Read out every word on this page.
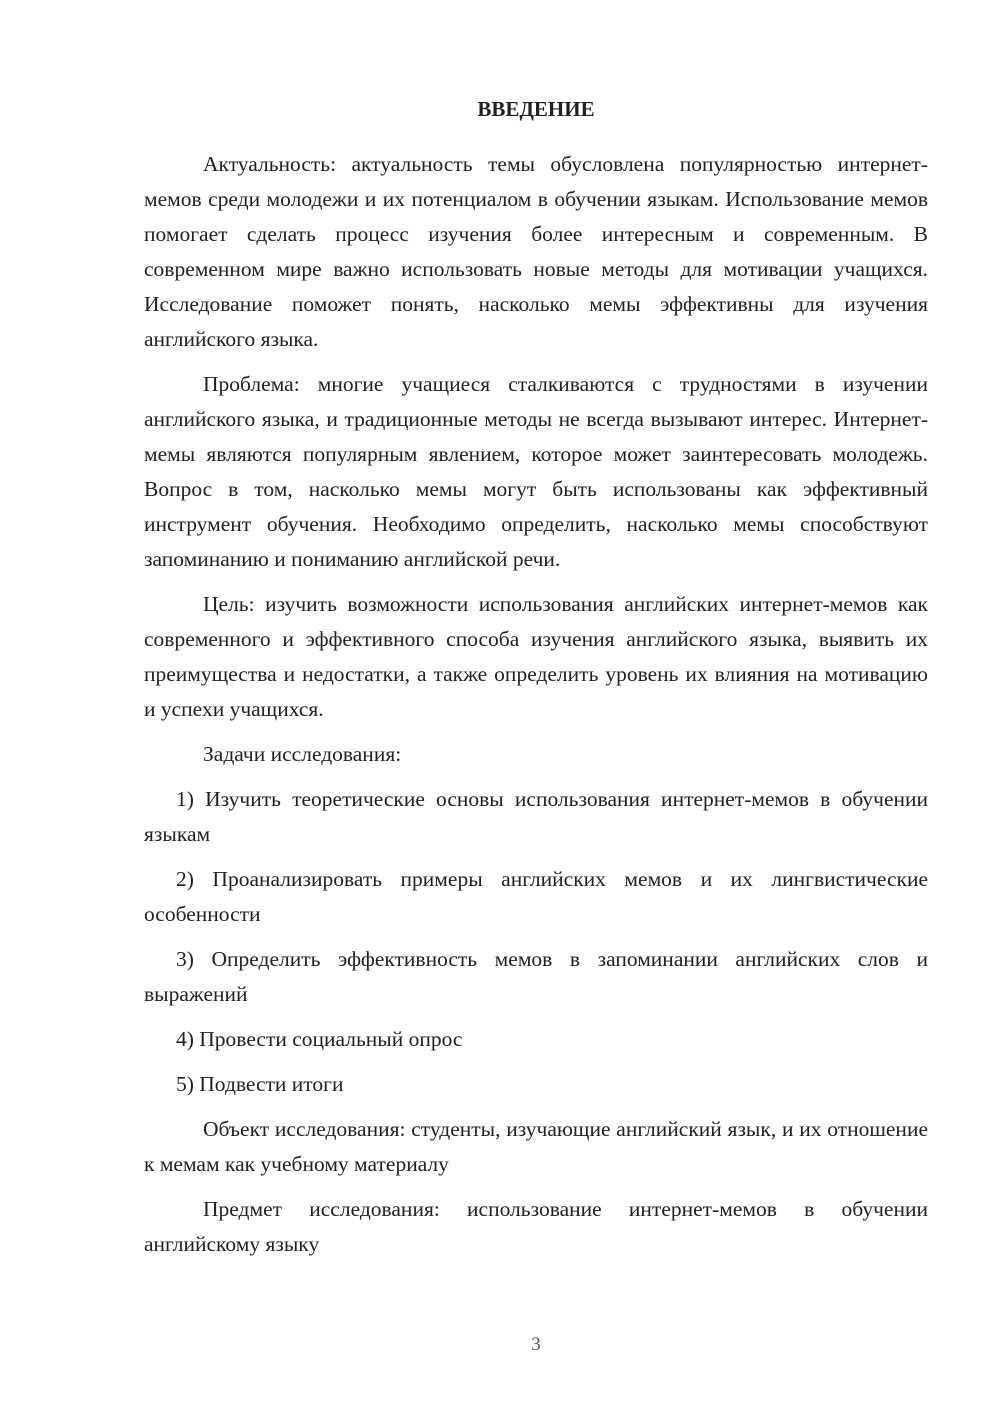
ВВЕДЕНИЕ

Актуальность: актуальность темы обусловлена популярностью интернет-мемов среди молодежи и их потенциалом в обучении языкам. Использование мемов помогает сделать процесс изучения более интересным и современным. В современном мире важно использовать новые методы для мотивации учащихся. Исследование поможет понять, насколько мемы эффективны для изучения английского языка.

Проблема: многие учащиеся сталкиваются с трудностями в изучении английского языка, и традиционные методы не всегда вызывают интерес. Интернет-мемы являются популярным явлением, которое может заинтересовать молодежь. Вопрос в том, насколько мемы могут быть использованы как эффективный инструмент обучения. Необходимо определить, насколько мемы способствуют запоминанию и пониманию английской речи.

Цель: изучить возможности использования английских интернет-мемов как современного и эффективного способа изучения английского языка, выявить их преимущества и недостатки, а также определить уровень их влияния на мотивацию и успехи учащихся.

Задачи исследования:

1) Изучить теоретические основы использования интернет-мемов в обучении языкам

2) Проанализировать примеры английских мемов и их лингвистические особенности

3) Определить эффективность мемов в запоминании английских слов и выражений

4) Провести социальный опрос

5) Подвести итоги

Объект исследования: студенты, изучающие английский язык, и их отношение к мемам как учебному материалу

Предмет исследования: использование интернет-мемов в обучении английскому языку

3
